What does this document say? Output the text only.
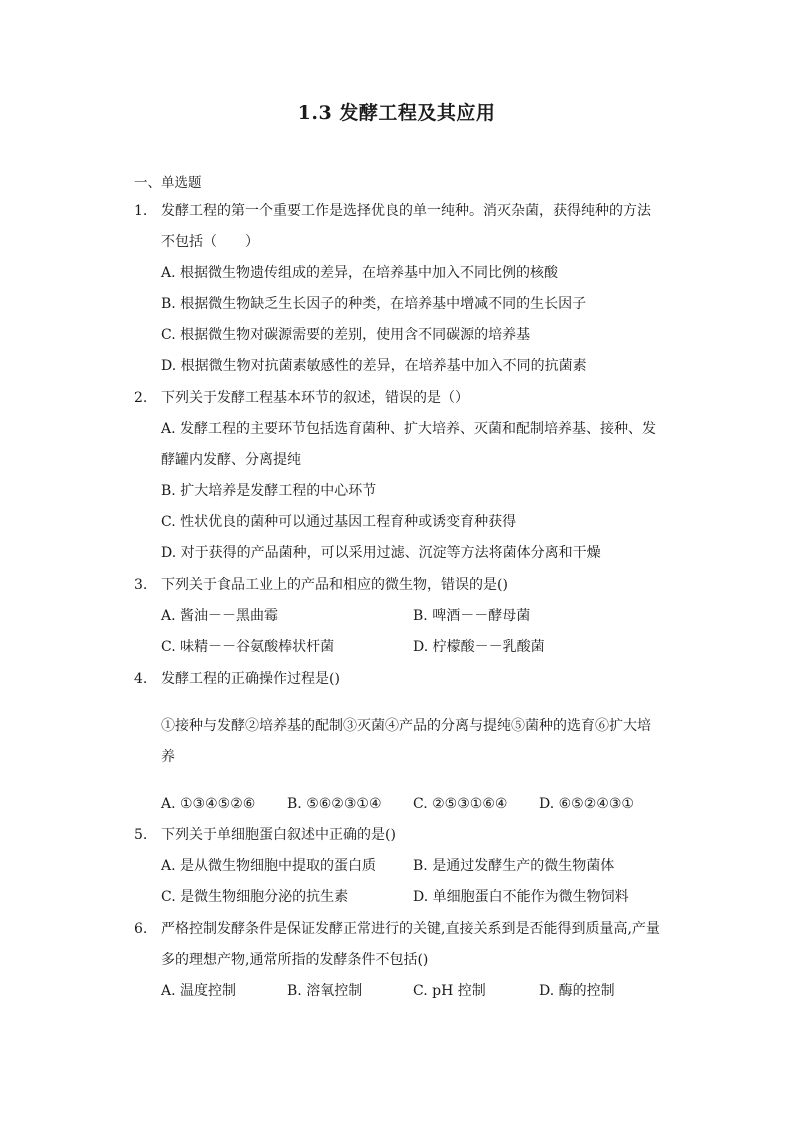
1.3 发酵工程及其应用
一、单选题
1. 发酵工程的第一个重要工作是选择优良的单一纯种。消灭杂菌，获得纯种的方法不包括（　　）
A. 根据微生物遗传组成的差异，在培养基中加入不同比例的核酸
B. 根据微生物缺乏生长因子的种类，在培养基中增减不同的生长因子
C. 根据微生物对碳源需要的差别，使用含不同碳源的培养基
D. 根据微生物对抗菌素敏感性的差异，在培养基中加入不同的抗菌素
2. 下列关于发酵工程基本环节的叙述，错误的是（）
A. 发酵工程的主要环节包括选育菌种、扩大培养、灭菌和配制培养基、接种、发酵罐内发酵、分离提纯
B. 扩大培养是发酵工程的中心环节
C. 性状优良的菌种可以通过基因工程育种或诱变育种获得
D. 对于获得的产品菌种，可以采用过滤、沉淀等方法将菌体分离和干燥
3. 下列关于食品工业上的产品和相应的微生物，错误的是()
A. 酱油－－黑曲霉	B. 啤酒－－酵母菌
C. 味精－－谷氨酸棒状杆菌	D. 柠檬酸－－乳酸菌
4. 发酵工程的正确操作过程是()
①接种与发酵②培养基的配制③灭菌④产品的分离与提纯⑤菌种的选育⑥扩大培养
A. ①③④⑤②⑥	B. ⑤⑥②③①④	C. ②⑤③①⑥④	D. ⑥⑤②④③①
5. 下列关于单细胞蛋白叙述中正确的是()
A. 是从微生物细胞中提取的蛋白质	B. 是通过发酵生产的微生物菌体
C. 是微生物细胞分泌的抗生素	D. 单细胞蛋白不能作为微生物饲料
6. 严格控制发酵条件是保证发酵正常进行的关键,直接关系到是否能得到质量高,产量多的理想产物,通常所指的发酵条件不包括()
A. 温度控制	B. 溶氧控制	C. pH 控制	D. 酶的控制
